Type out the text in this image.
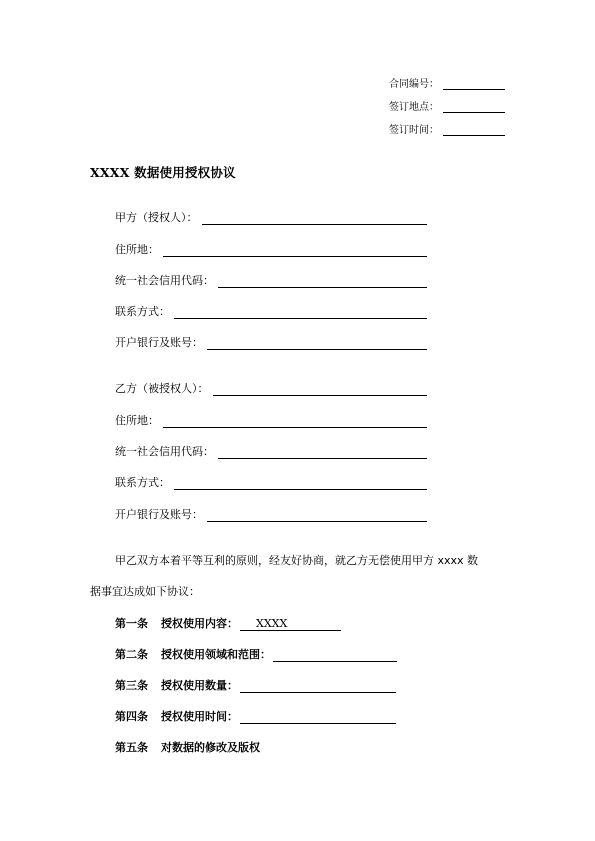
合同编号：
签订地点：
签订时间：
XXXX 数据使用授权协议
甲方（授权人）：
住所地：
统一社会信用代码：
联系方式：
开户银行及账号：
乙方（被授权人）：
住所地：
统一社会信用代码：
联系方式：
开户银行及账号：
甲乙双方本着平等互利的原则，经友好协商，就乙方无偿使用甲方 xxxx 数
据事宜达成如下协议：
第一条 授权使用内容： XXXX
第二条 授权使用领域和范围：
第三条 授权使用数量：
第四条 授权使用时间：
第五条 对数据的修改及版权
